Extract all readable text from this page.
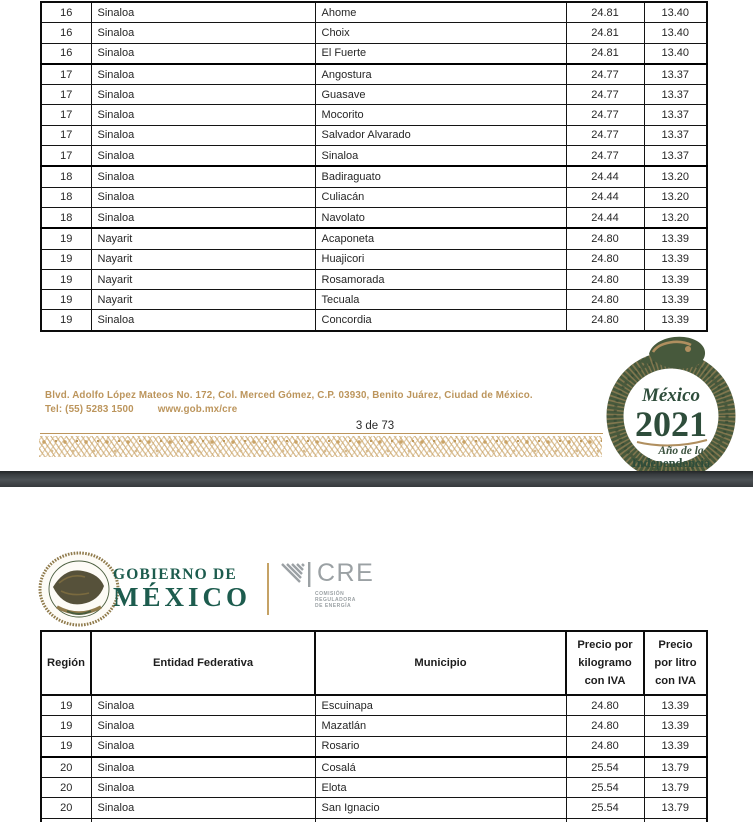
16	Sinaloa	Ahome	24.81	13.40
16	Sinaloa	Choix	24.81	13.40
16	Sinaloa	El Fuerte	24.81	13.40
17	Sinaloa	Angostura	24.77	13.37
17	Sinaloa	Guasave	24.77	13.37
17	Sinaloa	Mocorito	24.77	13.37
17	Sinaloa	Salvador Alvarado	24.77	13.37
17	Sinaloa	Sinaloa	24.77	13.37
18	Sinaloa	Badiraguato	24.44	13.20
18	Sinaloa	Culiacán	24.44	13.20
18	Sinaloa	Navolato	24.44	13.20
19	Nayarit	Acaponeta	24.80	13.39
19	Nayarit	Huajicori	24.80	13.39
19	Nayarit	Rosamorada	24.80	13.39
19	Nayarit	Tecuala	24.80	13.39
19	Sinaloa	Concordia	24.80	13.39
Blvd. Adolfo López Mateos No. 172, Col. Merced Gómez, C.P. 03930, Benito Juárez, Ciudad de México.
Tel: (55) 5283 1500 www.gob.mx/cre
3 de 73
México
2021
Año de la
Independencia
GOBIERNO DE
MÉXICO
CRE
COMISIÓN
REGULADORA
DE ENERGÍA
Región	Entidad Federativa	Municipio	Precio por kilogramo con IVA	Precio por litro con IVA
19	Sinaloa	Escuinapa	24.80	13.39
19	Sinaloa	Mazatlán	24.80	13.39
19	Sinaloa	Rosario	24.80	13.39
20	Sinaloa	Cosalá	25.54	13.79
20	Sinaloa	Elota	25.54	13.79
20	Sinaloa	San Ignacio	25.54	13.79
